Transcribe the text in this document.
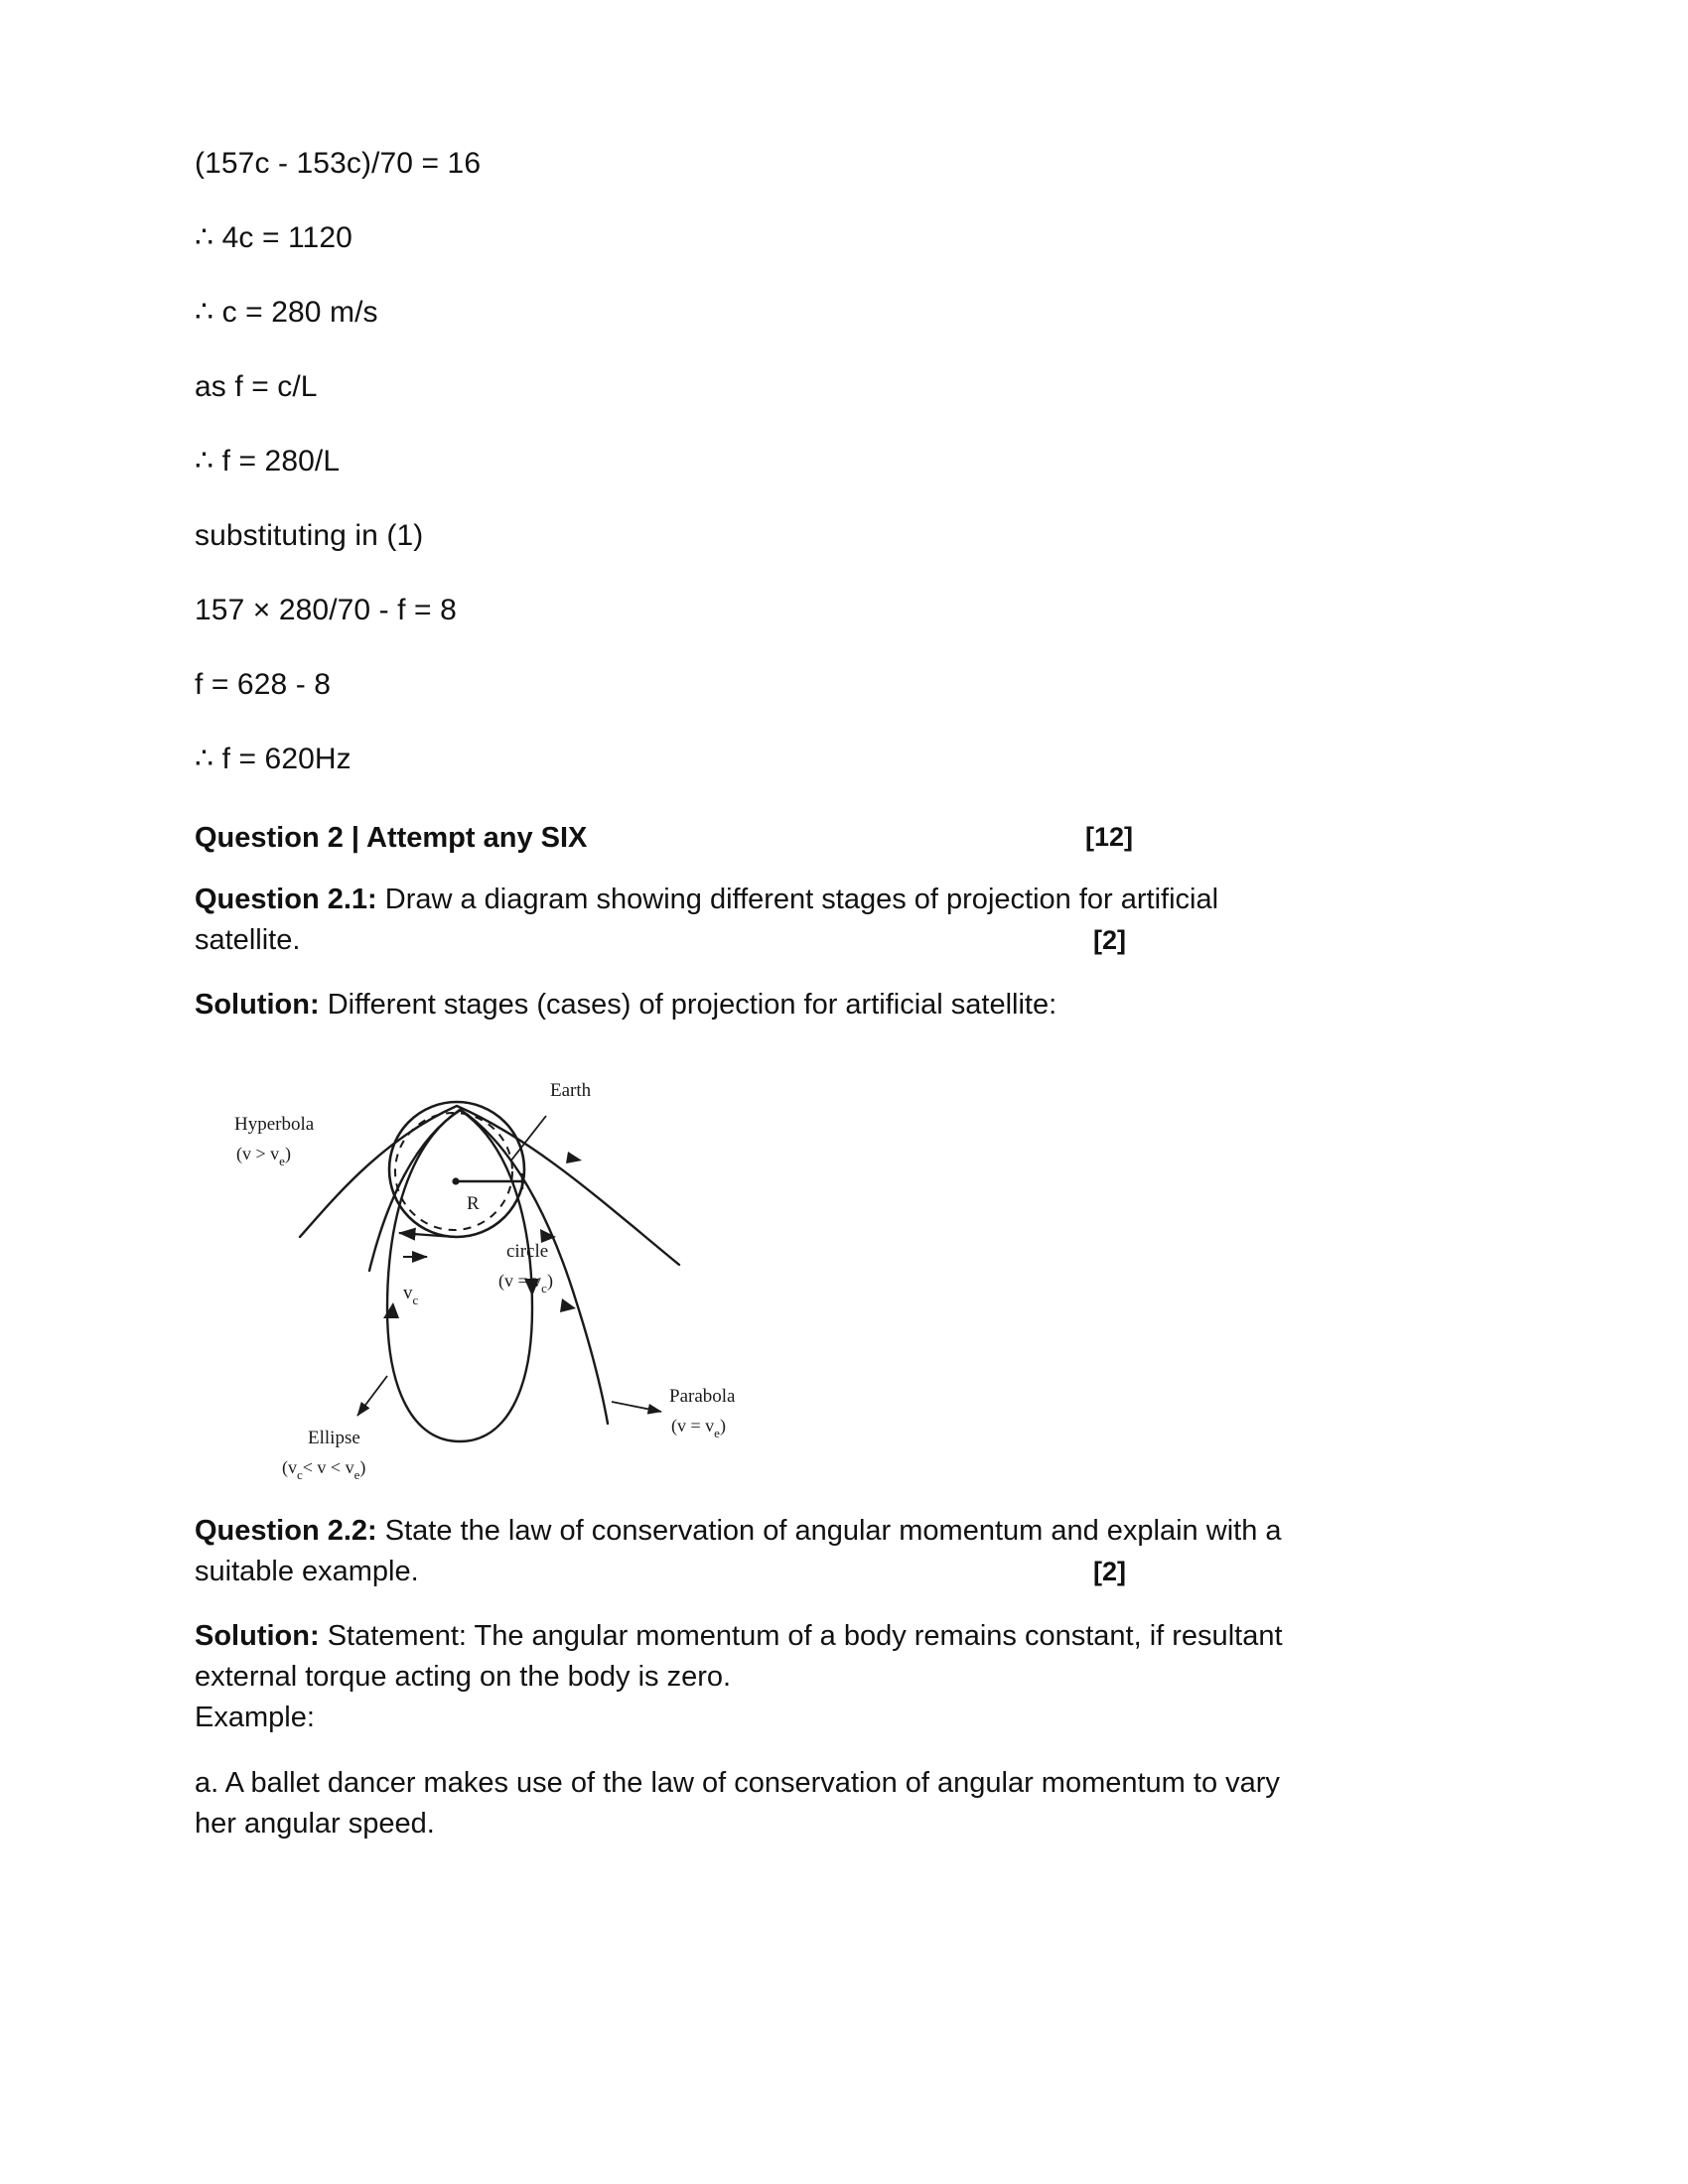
(157c - 153c)/70 = 16
∴ 4c = 1120
∴ c = 280 m/s
as f = c/L
∴ f = 280/L
substituting in (1)
157 × 280/70 - f = 8
f = 628 - 8
∴ f = 620Hz
Question 2 | Attempt any SIX	[12]
Question 2.1: Draw a diagram showing different stages of projection for artificial
satellite.	[2]
Solution: Different stages (cases) of projection for artificial satellite:
Earth
R
Hyperbola
$(v > v_e)$
circle
$(v = v_c)$
$v_c$
Parabola
$(v = v_e)$
Ellipse
$(v_c< v < v_e)$
Question 2.2: State the law of conservation of angular momentum and explain with a
suitable example.	[2]
Solution: Statement: The angular momentum of a body remains constant, if resultant
external torque acting on the body is zero.
Example:
a. A ballet dancer makes use of the law of conservation of angular momentum to vary
her angular speed.
